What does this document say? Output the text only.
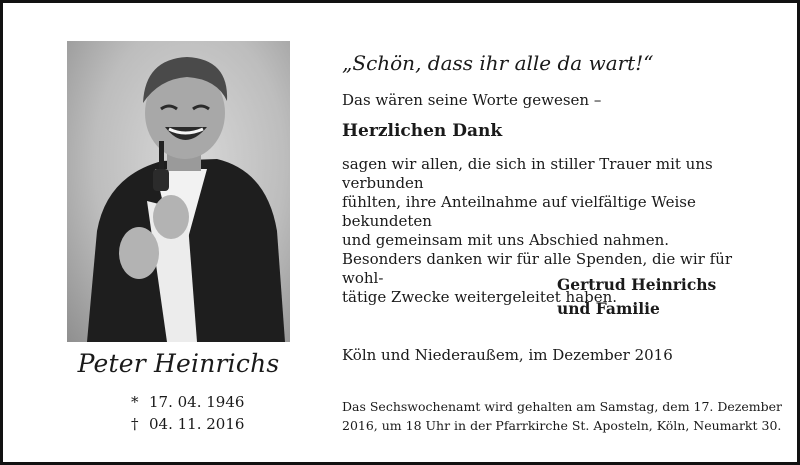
Peter Heinrichs
* 17. 04. 1946
† 04. 11. 2016
„Schön, dass ihr alle da wart!“
Das wären seine Worte gewesen –
Herzlichen Dank

sagen wir allen, die sich in stiller Trauer mit uns verbunden

fühlten, ihre Anteilnahme auf vielfältige Weise bekundeten

und gemeinsam mit uns Abschied nahmen.

Besonders danken wir für alle Spenden, die wir für wohl-

tätige Zwecke weitergeleitet haben.

Gertrud Heinrichs
und Familie
Köln und Niederaußem, im Dezember 2016

Das Sechswochenamt wird gehalten am Samstag, dem 17. Dezember

2016, um 18 Uhr in der Pfarrkirche St. Aposteln, Köln, Neumarkt 30.
